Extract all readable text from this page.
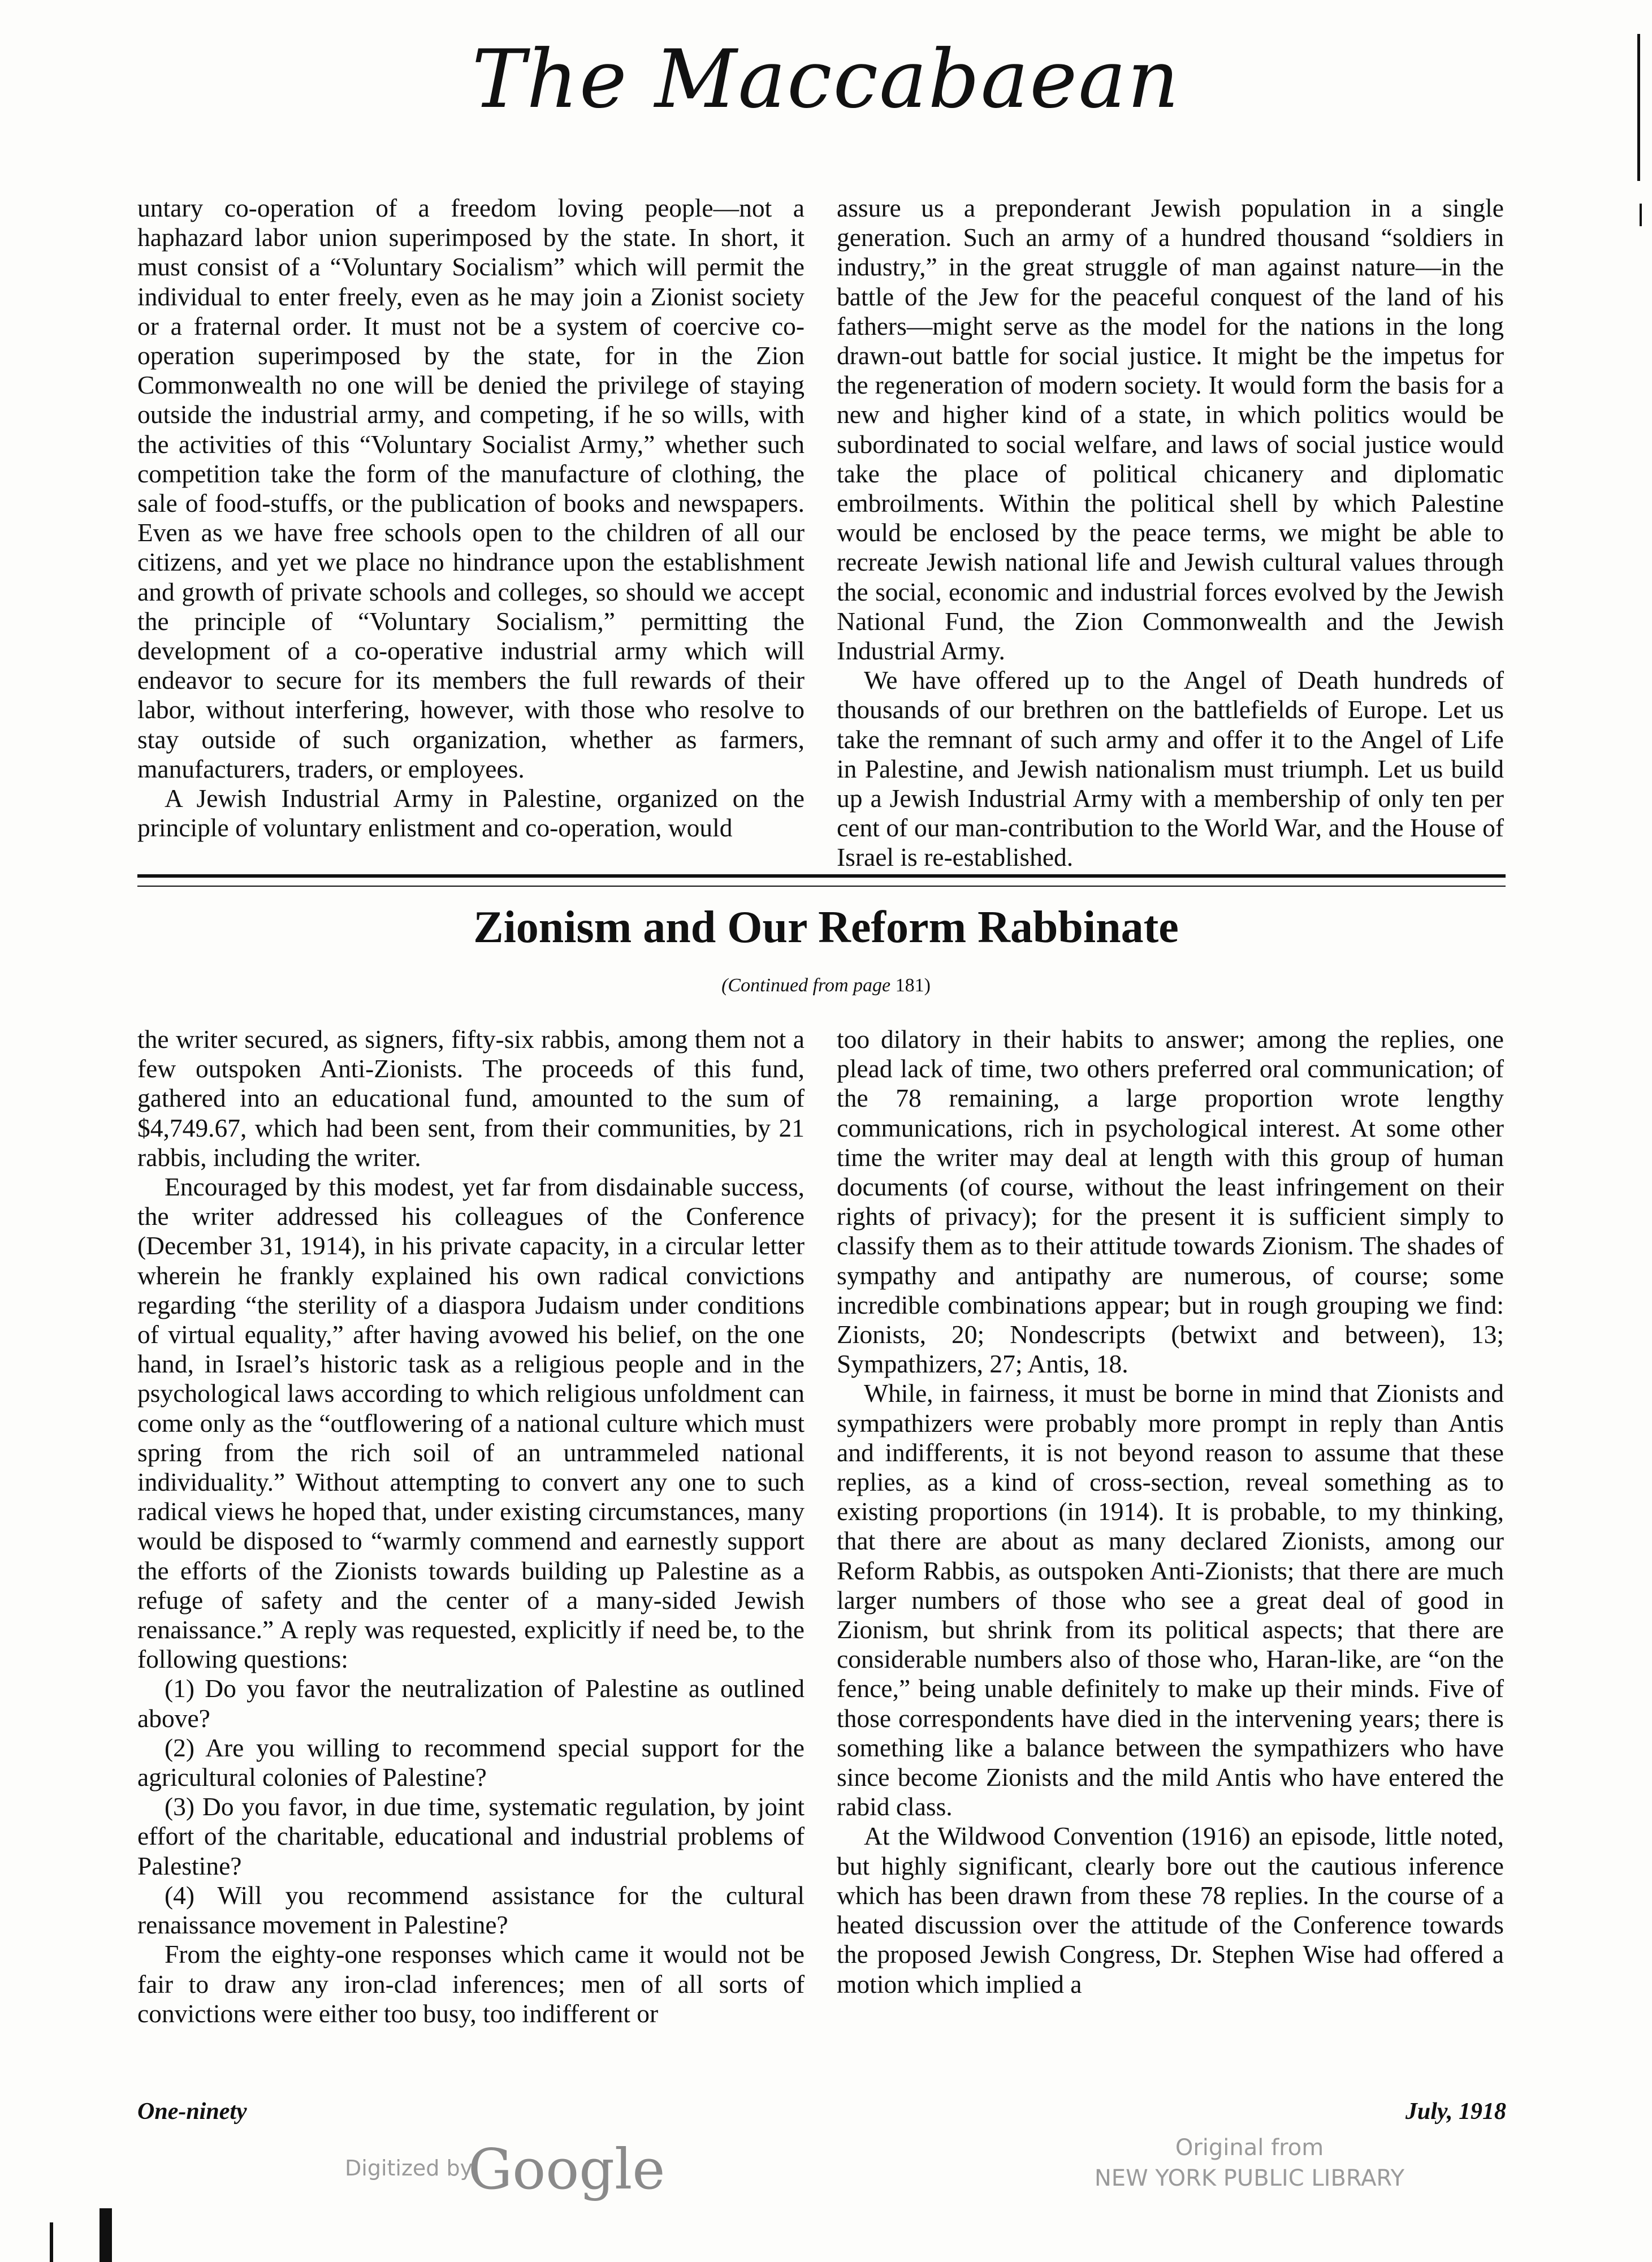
The Maccabaean

untary co-operation of a freedom loving people—not a haphazard labor union superimposed by the state. In short, it must consist of a “Voluntary Socialism” which will permit the individual to enter freely, even as he may join a Zionist society or a fraternal order. It must not be a system of coercive co-operation superimposed by the state, for in the Zion Commonwealth no one will be denied the privilege of staying outside the industrial army, and competing, if he so wills, with the activities of this “Voluntary Socialist Army,” whether such competition take the form of the manufacture of clothing, the sale of food-stuffs, or the publication of books and newspapers. Even as we have free schools open to the children of all our citizens, and yet we place no hindrance upon the establishment and growth of private schools and colleges, so should we accept the principle of “Voluntary Socialism,” permitting the development of a co-operative industrial army which will endeavor to secure for its members the full rewards of their labor, without interfering, however, with those who resolve to stay outside of such organization, whether as farmers, manufacturers, traders, or employees.

A Jewish Industrial Army in Palestine, organized on the principle of voluntary enlistment and co-operation, would

assure us a preponderant Jewish population in a single generation. Such an army of a hundred thousand “soldiers in industry,” in the great struggle of man against nature—in the battle of the Jew for the peaceful conquest of the land of his fathers—might serve as the model for the nations in the long drawn-out battle for social justice. It might be the impetus for the regeneration of modern society. It would form the basis for a new and higher kind of a state, in which politics would be subordinated to social welfare, and laws of social justice would take the place of political chicanery and diplomatic embroilments. Within the political shell by which Palestine would be enclosed by the peace terms, we might be able to recreate Jewish national life and Jewish cultural values through the social, economic and industrial forces evolved by the Jewish National Fund, the Zion Commonwealth and the Jewish Industrial Army.

We have offered up to the Angel of Death hundreds of thousands of our brethren on the battlefields of Europe. Let us take the remnant of such army and offer it to the Angel of Life in Palestine, and Jewish nationalism must triumph. Let us build up a Jewish Industrial Army with a membership of only ten per cent of our man-contribution to the World War, and the House of Israel is re-established.

Zionism and Our Reform Rabbinate
(Continued from page 181)

the writer secured, as signers, fifty-six rabbis, among them not a few outspoken Anti-Zionists. The proceeds of this fund, gathered into an educational fund, amounted to the sum of $4,749.67, which had been sent, from their communities, by 21 rabbis, including the writer.

Encouraged by this modest, yet far from disdainable success, the writer addressed his colleagues of the Conference (December 31, 1914), in his private capacity, in a circular letter wherein he frankly explained his own radical convictions regarding “the sterility of a diaspora Judaism under conditions of virtual equality,” after having avowed his belief, on the one hand, in Israel’s historic task as a religious people and in the psychological laws according to which religious unfoldment can come only as the “outflowering of a national culture which must spring from the rich soil of an untrammeled national individuality.” Without attempting to convert any one to such radical views he hoped that, under existing circumstances, many would be disposed to “warmly commend and earnestly support the efforts of the Zionists towards building up Palestine as a refuge of safety and the center of a many-sided Jewish renaissance.” A reply was requested, explicitly if need be, to the following questions:

(1) Do you favor the neutralization of Palestine as outlined above?

(2) Are you willing to recommend special support for the agricultural colonies of Palestine?

(3) Do you favor, in due time, systematic regulation, by joint effort of the charitable, educational and industrial problems of Palestine?

(4) Will you recommend assistance for the cultural renaissance movement in Palestine?

From the eighty-one responses which came it would not be fair to draw any iron-clad inferences; men of all sorts of convictions were either too busy, too indifferent or

too dilatory in their habits to answer; among the replies, one plead lack of time, two others preferred oral communication; of the 78 remaining, a large proportion wrote lengthy communications, rich in psychological interest. At some other time the writer may deal at length with this group of human documents (of course, without the least infringement on their rights of privacy); for the present it is sufficient simply to classify them as to their attitude towards Zionism. The shades of sympathy and antipathy are numerous, of course; some incredible combinations appear; but in rough grouping we find: Zionists, 20; Nondescripts (betwixt and between), 13; Sympathizers, 27; Antis, 18.

While, in fairness, it must be borne in mind that Zionists and sympathizers were probably more prompt in reply than Antis and indifferents, it is not beyond reason to assume that these replies, as a kind of cross-section, reveal something as to existing proportions (in 1914). It is probable, to my thinking, that there are about as many declared Zionists, among our Reform Rabbis, as outspoken Anti-Zionists; that there are much larger numbers of those who see a great deal of good in Zionism, but shrink from its political aspects; that there are considerable numbers also of those who, Haran-like, are “on the fence,” being unable definitely to make up their minds. Five of those correspondents have died in the intervening years; there is something like a balance between the sympathizers who have since become Zionists and the mild Antis who have entered the rabid class.

At the Wildwood Convention (1916) an episode, little noted, but highly significant, clearly bore out the cautious inference which has been drawn from these 78 replies. In the course of a heated discussion over the attitude of the Conference towards the proposed Jewish Congress, Dr. Stephen Wise had offered a motion which implied a

One-ninety	July, 1918
Digitized by
Google	Original from
NEW YORK PUBLIC LIBRARY
